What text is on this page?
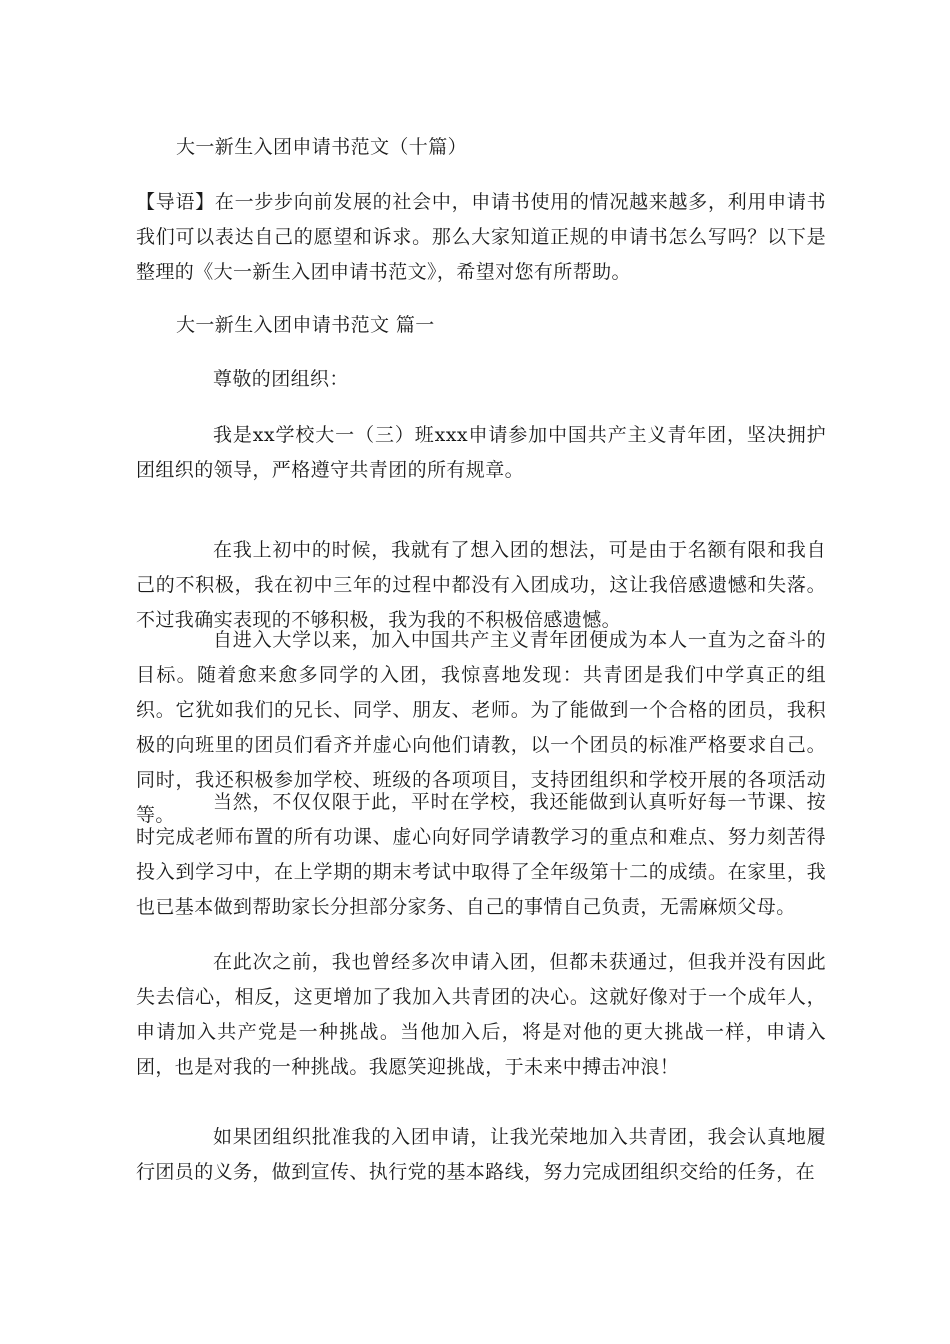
大一新生入团申请书范文（十篇）
【导语】在一步步向前发展的社会中，申请书使用的情况越来越多，利用申请书我们可以表达自己的愿望和诉求。那么大家知道正规的申请书怎么写吗？以下是整理的《大一新生入团申请书范文》，希望对您有所帮助。
大一新生入团申请书范文 篇一
尊敬的团组织：
我是xx学校大一（三）班xxx申请参加中国共产主义青年团，坚决拥护团组织的领导，严格遵守共青团的所有规章。
在我上初中的时候，我就有了想入团的想法，可是由于名额有限和我自己的不积极，我在初中三年的过程中都没有入团成功，这让我倍感遗憾和失落。不过我确实表现的不够积极，我为我的不积极倍感遗憾。
自进入大学以来，加入中国共产主义青年团便成为本人一直为之奋斗的目标。随着愈来愈多同学的入团，我惊喜地发现：共青团是我们中学真正的组织。它犹如我们的兄长、同学、朋友、老师。为了能做到一个合格的团员，我积极的向班里的团员们看齐并虚心向他们请教，以一个团员的标准严格要求自己。同时，我还积极参加学校、班级的各项项目，支持团组织和学校开展的各项活动等。
当然，不仅仅限于此，平时在学校，我还能做到认真听好每一节课、按时完成老师布置的所有功课、虚心向好同学请教学习的重点和难点、努力刻苦得投入到学习中，在上学期的期末考试中取得了全年级第十二的成绩。在家里，我也已基本做到帮助家长分担部分家务、自己的事情自己负责，无需麻烦父母。
在此次之前，我也曾经多次申请入团，但都未获通过，但我并没有因此失去信心，相反，这更增加了我加入共青团的决心。这就好像对于一个成年人，申请加入共产党是一种挑战。当他加入后，将是对他的更大挑战一样，申请入团，也是对我的一种挑战。我愿笑迎挑战，于未来中搏击冲浪！
如果团组织批准我的入团申请，让我光荣地加入共青团，我会认真地履行团员的义务，做到宣传、执行党的基本路线，努力完成团组织交给的任务，在
